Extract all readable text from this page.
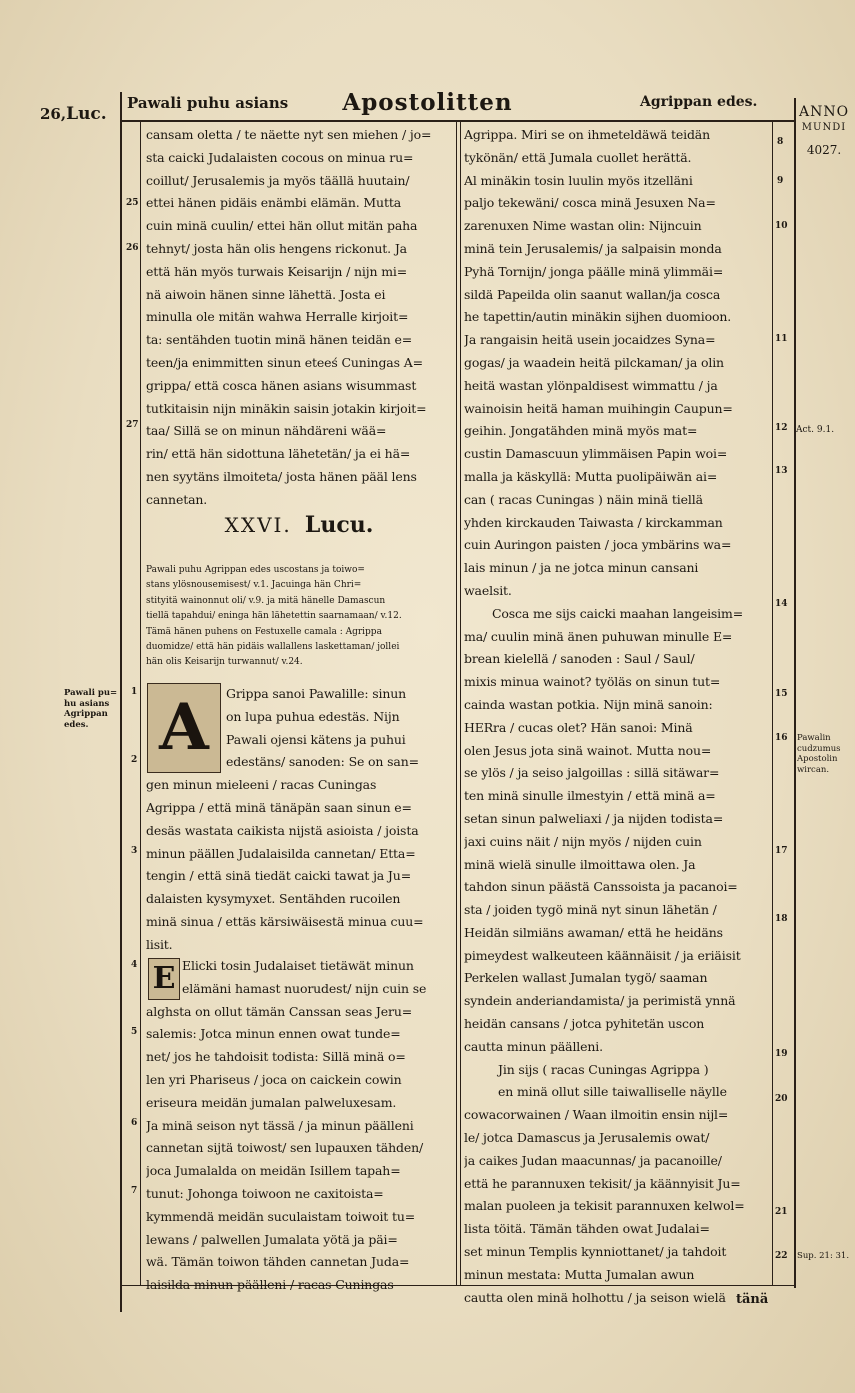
26,Luc.
Pawali puhu asians	Apostolitten	Agrippan edes.
ANNO
MUNDI
4027.
25
26
27
1
2
3
4
5
6
7
Pawali pu=
hu asians
Agrippan
edes.
cansam oletta / te näette nyt sen miehen / jo=
sta caicki Judalaisten cocous on minua ru=
coillut/ Jerusalemis ja myös täällä huutain/
ettei hänen pidäis enämbi elämän. Mutta
cuin minä cuulin/ ettei hän ollut mitän paha
tehnyt/ josta hän olis hengens rickonut. Ja
että hän myös turwais Keisarijn / nijn mi=
nä aiwoin hänen sinne lähettä. Josta ei
minulla ole mitän wahwa Herralle kirjoit=
ta: sentähden tuotin minä hänen teidän e=
teen/ja enimmitten sinun eteeś Cuningas A=
grippa/ että cosca hänen asians wisummast
tutkitaisin nijn minäkin saisin jotakin kirjoit=
taa/ Sillä se on minun nähdäreni wää=
rin/ että hän sidottuna lähetetän/ ja ei hä=
nen syytäns ilmoiteta/ josta hänen pääl lens
cannetan.
XXVI. Lucu.
Pawali puhu Agrippan edes uscostans ja toiwo=
stans ylösnousemisest/ v.1. Jacuinga hän Chri=
stityitä wainonnut oli/ v.9. ja mitä hänelle Damascun
tiellä tapahdui/ eninga hän lähetettin saarnamaan/ v.12.
Tämä hänen puhens on Festuxelle camala : Agrippa
duomidze/ että hän pidäis wallallens laskettaman/ jollei
hän olis Keisarijn turwannut/ v.24.
A	Grippa sanoi Pawalille: sinun
on lupa puhua edestäs. Nijn
Pawali ojensi kätens ja puhui
edestäns/ sanoden: Se on san=
gen minun mieleeni / racas Cuningas
Agrippa / että minä tänäpän saan sinun e=
desäs wastata caikista nijstä asioista / joista
minun päällen Judalaisilda cannetan/ Etta=
tengin / että sinä tiedät caicki tawat ja Ju=
dalaisten kysymyxet. Sentähden rucoilen
minä sinua / ettäs kärsiwäisestä minua cuu=
lisit.
E Elicki tosin Judalaiset tietäwät minun
elämäni hamast nuorudest/ nijn cuin se
alghsta on ollut tämän Canssan seas Jeru=
salemis: Jotca minun ennen owat tunde=
net/ jos he tahdoisit todista: Sillä minä o=
len yri Phariseus / joca on caickein cowin
eriseura meidän jumalan palweluxesam.
Ja minä seison nyt tässä / ja minun päälleni
cannetan sijtä toiwost/ sen lupauxen tähden/
joca Jumalalda on meidän Isillem tapah=
tunut: Johonga toiwoon ne caxitoista=
kymmendä meidän suculaistam toiwoit tu=
lewans / palwellen Jumalata yötä ja päi=
wä. Tämän toiwon tähden cannetan Juda=
laisilda minun päälleni / racas Cuningas
Agrippa. Miri se on ihmeteldäwä teidän
tykönän/ että Jumala cuollet herättä.
Al minäkin tosin luulin myös itzelläni
paljo tekewäni/ cosca minä Jesuxen Na=
zarenuxen Nime wastan olin: Nijncuin
minä tein Jerusalemis/ ja salpaisin monda
Pyhä Tornijn/ jonga päälle minä ylimmäi=
sildä Papeilda olin saanut wallan/ja cosca
he tapettin/autin minäkin sijhen duomioon.
Ja rangaisin heitä usein jocaidzes Syna=
gogas/ ja waadein heitä pilckaman/ ja olin
heitä wastan ylönpaldisest wimmattu / ja
wainoisin heitä haman muihingin Caupun=
geihin. Jongatähden minä myös mat=
custin Damascuun ylimmäisen Papin woi=
malla ja käskyllä: Mutta puolipäiwän ai=
can ( racas Cuningas ) näin minä tiellä
yhden kirckauden Taiwasta / kirckamman
cuin Auringon paisten / joca ymbärins wa=
lais minun / ja ne jotca minun cansani
waelsit.
Cosca me sijs caicki maahan langeisim=
ma/ cuulin minä änen puhuwan minulle E=
brean kielellä / sanoden : Saul / Saul/
mixis minua wainot? työläs on sinun tut=
cainda wastan potkia. Nijn minä sanoin:
HERra / cucas olet? Hän sanoi: Minä
olen Jesus jota sinä wainot. Mutta nou=
se ylös / ja seiso jalgoillas : sillä sitäwar=
ten minä sinulle ilmestyin / että minä a=
setan sinun palweliaxi / ja nijden todista=
jaxi cuins näit / nijn myös / nijden cuin
minä wielä sinulle ilmoittawa olen. Ja
tahdon sinun päästä Canssoista ja pacanoi=
sta / joiden tygö minä nyt sinun lähetän /
Heidän silmiäns awaman/ että he heidäns
pimeydest walkeuteen käännäisit / ja eriäisit
Perkelen wallast Jumalan tygö/ saaman
syndein anderiandamista/ ja perimistä ynnä
heidän cansans / jotca pyhitetän uscon
cautta minun päälleni.
Jin sijs ( racas Cuningas Agrippa )
en minä ollut sille taiwalliselle näylle
cowacorwainen / Waan ilmoitin ensin nijl=
le/ jotca Damascus ja Jerusalemis owat/
ja caikes Judan maacunnas/ ja pacanoille/
että he parannuxen tekisit/ ja käännyisit Ju=
malan puoleen ja tekisit parannuxen kelwol=
lista töitä. Tämän tähden owat Judalai=
set minun Templis kynniottanet/ ja tahdoit
minun mestata: Mutta Jumalan awun
cautta olen minä holhottu / ja seison wielä
8
9
10
11
12
13
14
15
16
17
18
19
20
21
22
Act. 9.1.
Pawalin
cudzumus
Apostolin
wircan.
Sup. 21: 31.
tänä
